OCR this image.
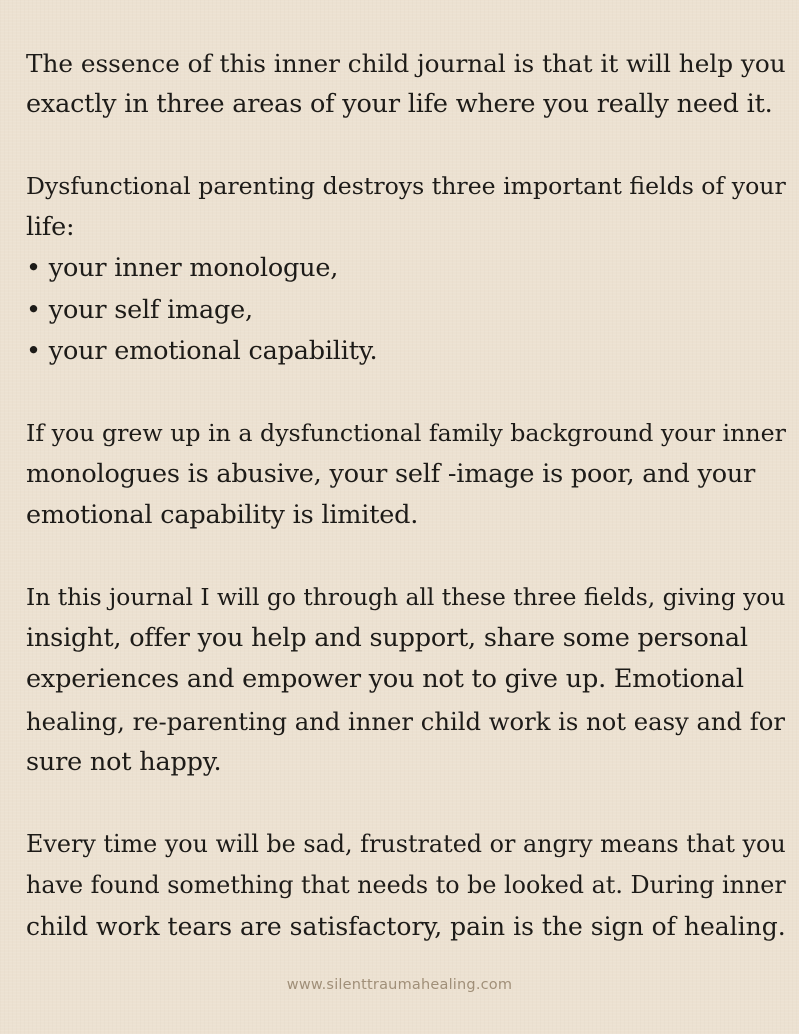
The essence of this inner child journal is that it will help you
exactly in three areas of your life where you really need it.
Dysfunctional parenting destroys three important fields of your
life:
• your inner monologue,
• your self image,
• your emotional capability.
If you grew up in a dysfunctional family background your inner
monologues is abusive, your self -image is poor, and your
emotional capability is limited.
In this journal I will go through all these three fields, giving you
insight, offer you help and support, share some personal
experiences and empower you not to give up. Emotional
healing, re-parenting and inner child work is not easy and for
sure not happy.
Every time you will be sad, frustrated or angry means that you
have found something that needs to be looked at. During inner
child work tears are satisfactory, pain is the sign of healing.
www.silenttraumahealing.com
